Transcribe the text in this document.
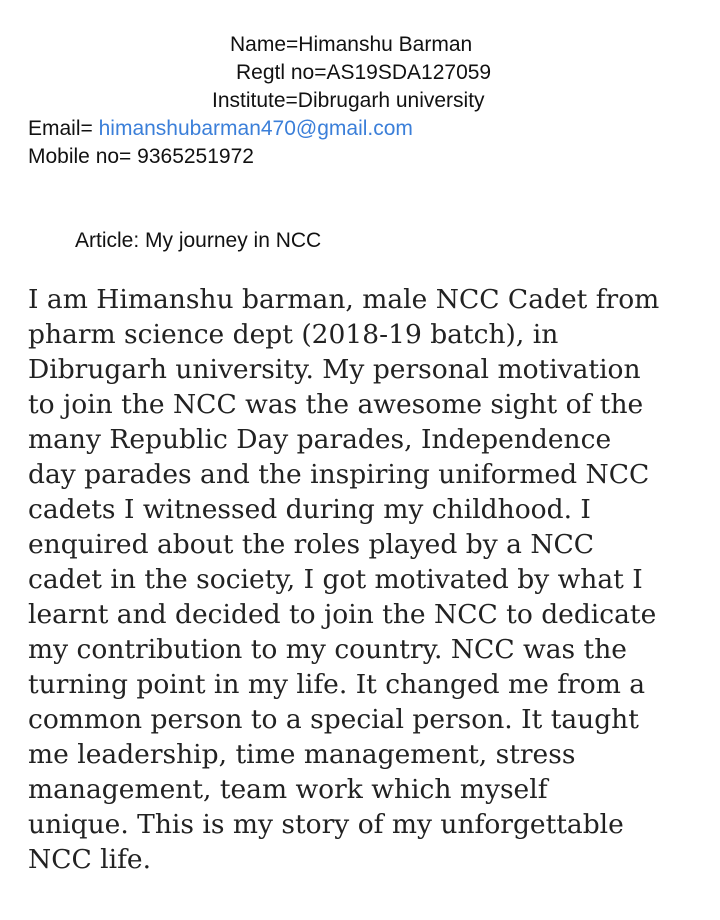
Name=Himanshu Barman
Regtl no=AS19SDA127059
Institute=Dibrugarh university
Email= himanshubarman470@gmail.com
Mobile no= 9365251972
Article: My journey in NCC

I am Himanshu barman, male NCC Cadet from
pharm science dept (2018-19 batch), in
Dibrugarh university. My personal motivation
to join the NCC was the awesome sight of the
many Republic Day parades, Independence
day parades and the inspiring uniformed NCC
cadets I witnessed during my childhood. I
enquired about the roles played by a NCC
cadet in the society, I got motivated by what I
learnt and decided to join the NCC to dedicate
my contribution to my country. NCC was the
turning point in my life. It changed me from a
common person to a special person. It taught
me leadership, time management, stress
management, team work which myself
unique. This is my story of my unforgettable
NCC life.
